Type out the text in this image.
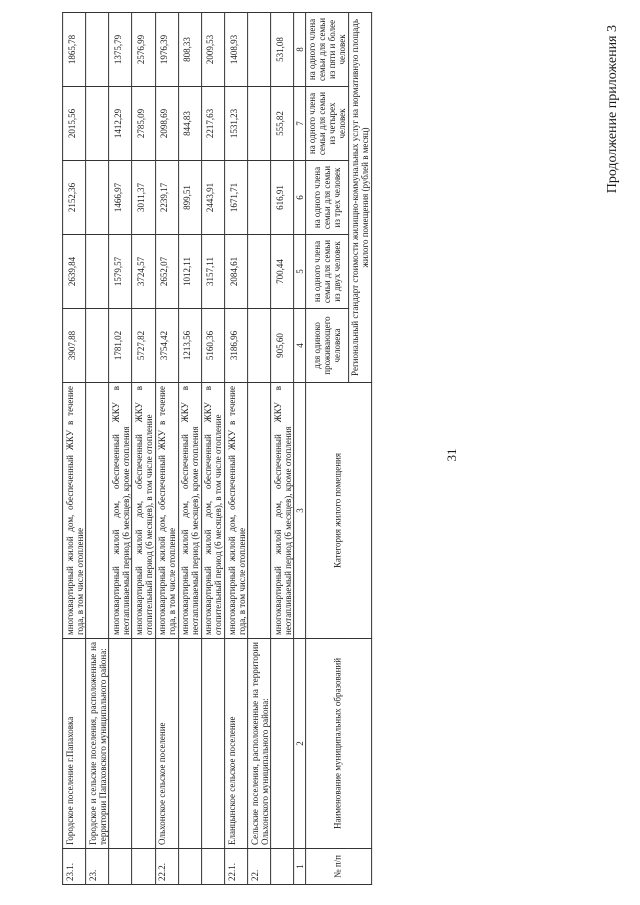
31
Продолжение приложения 3
№ п/п	Наименование муниципальных образований	Категория жилого помещения	Региональный стандарт стоимости жилищно-коммунальных услуг на нормативную площадь жилого помещения (рублей в месяц)				
			для одиноко проживающего человека	на одного члена семьи для семьи из двух человек	на одного члена семьи для семьи из трех человек	на одного члена семьи для семьи из четырех человек	на одного члена семьи для семьи из пяти и более человек
1	2	3	4	5	6	7	8
		многоквартирный жилой дом, обеспеченный ЖКУ в неотапливаемый период (6 месяцев), кроме отопления	905,60	700,44	616,91	555,82	531,08
22.	Сельские поселения, расположенные на территории Ольхонского муниципального района:						
22.1.	Еланцынское сельское поселение	многоквартирный жилой дом, обеспеченный ЖКУ в течение года, в том числе отопление	3186,96	2084,61	1671,71	1531,23	1408,93
		многоквартирный жилой дом, обеспеченный ЖКУ в отопительный период (6 месяцев), в том числе отопление	5160,36	3157,11	2443,91	2217,63	2009,53
		многоквартирный жилой дом, обеспеченный ЖКУ в неотапливаемый период (6 месяцев), кроме отопления	1213,56	1012,11	899,51	844,83	808,33
22.2.	Ольхонское сельское поселение	многоквартирный жилой дом, обеспеченный ЖКУ в течение года, в том числе отопление	3754,42	2652,07	2239,17	2098,69	1976,39
		многоквартирный жилой дом, обеспеченный ЖКУ в отопительный период (6 месяцев), в том числе отопление	5727,82	3724,57	3011,37	2785,09	2576,99
		многоквартирный жилой дом, обеспеченный ЖКУ в неотапливаемый период (6 месяцев), кроме отопления	1781,02	1579,57	1466,97	1412,29	1375,79
23.	Городское и сельские поселения, расположенные на территории Папаховского муниципального района:						
23.1.	Городское поселение г.Папаховка	многоквартирный жилой дом, обеспеченный ЖКУ в течение года, в том числе отопление	3907,88	2639,84	2152,36	2015,56	1865,78
